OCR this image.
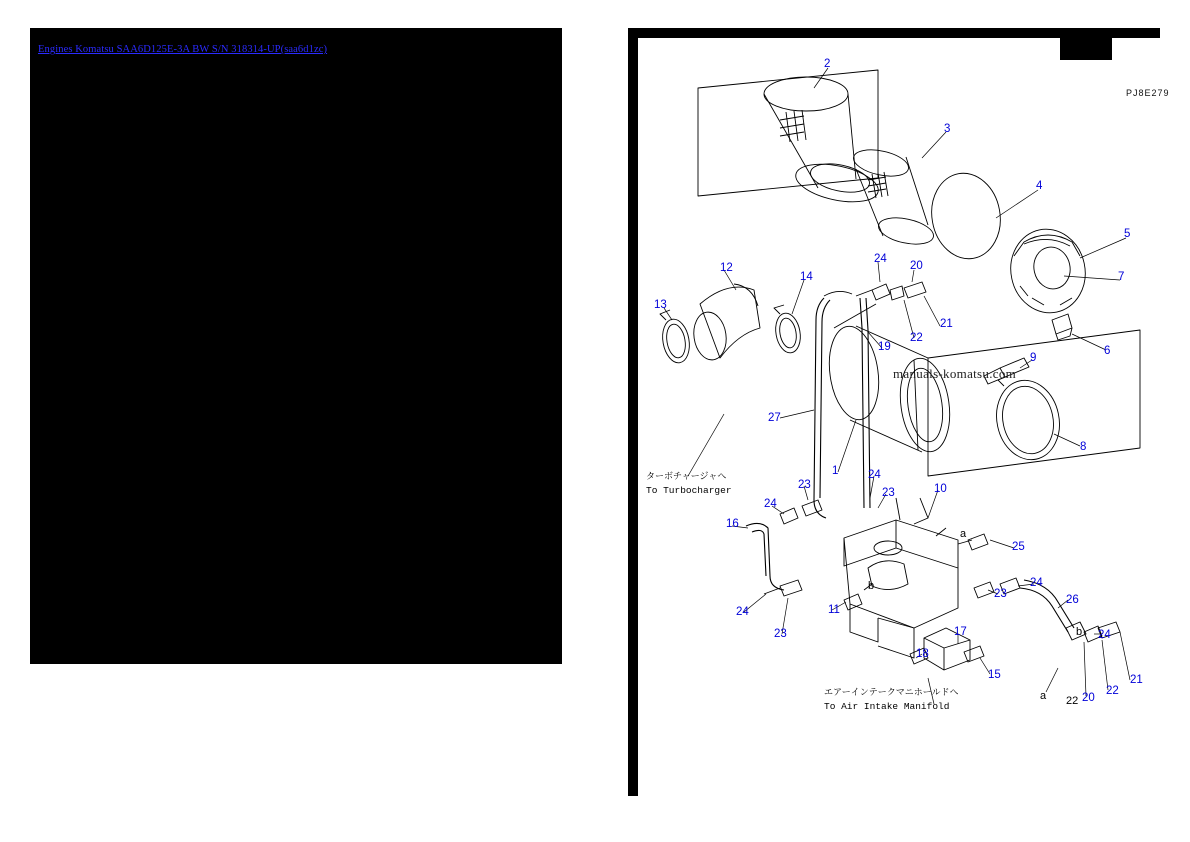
Engines Komatsu SAA6D125E-3A BW S/N 318314-UP(saa6d1zc)
PJ8E279
manuals-komatsu.com
ターボチャージャへ
To Turbocharger
エアーインテークマニホールドへ
To Air Intake Manifold
2
3
4
5
7
6
9
8
12
13
14
24
20
21
22
19
27
1	24
23	10
23
24
16
24
23
11
25
23
24
26
24
21
22
20
18
17
15
a
b
b
a 22
